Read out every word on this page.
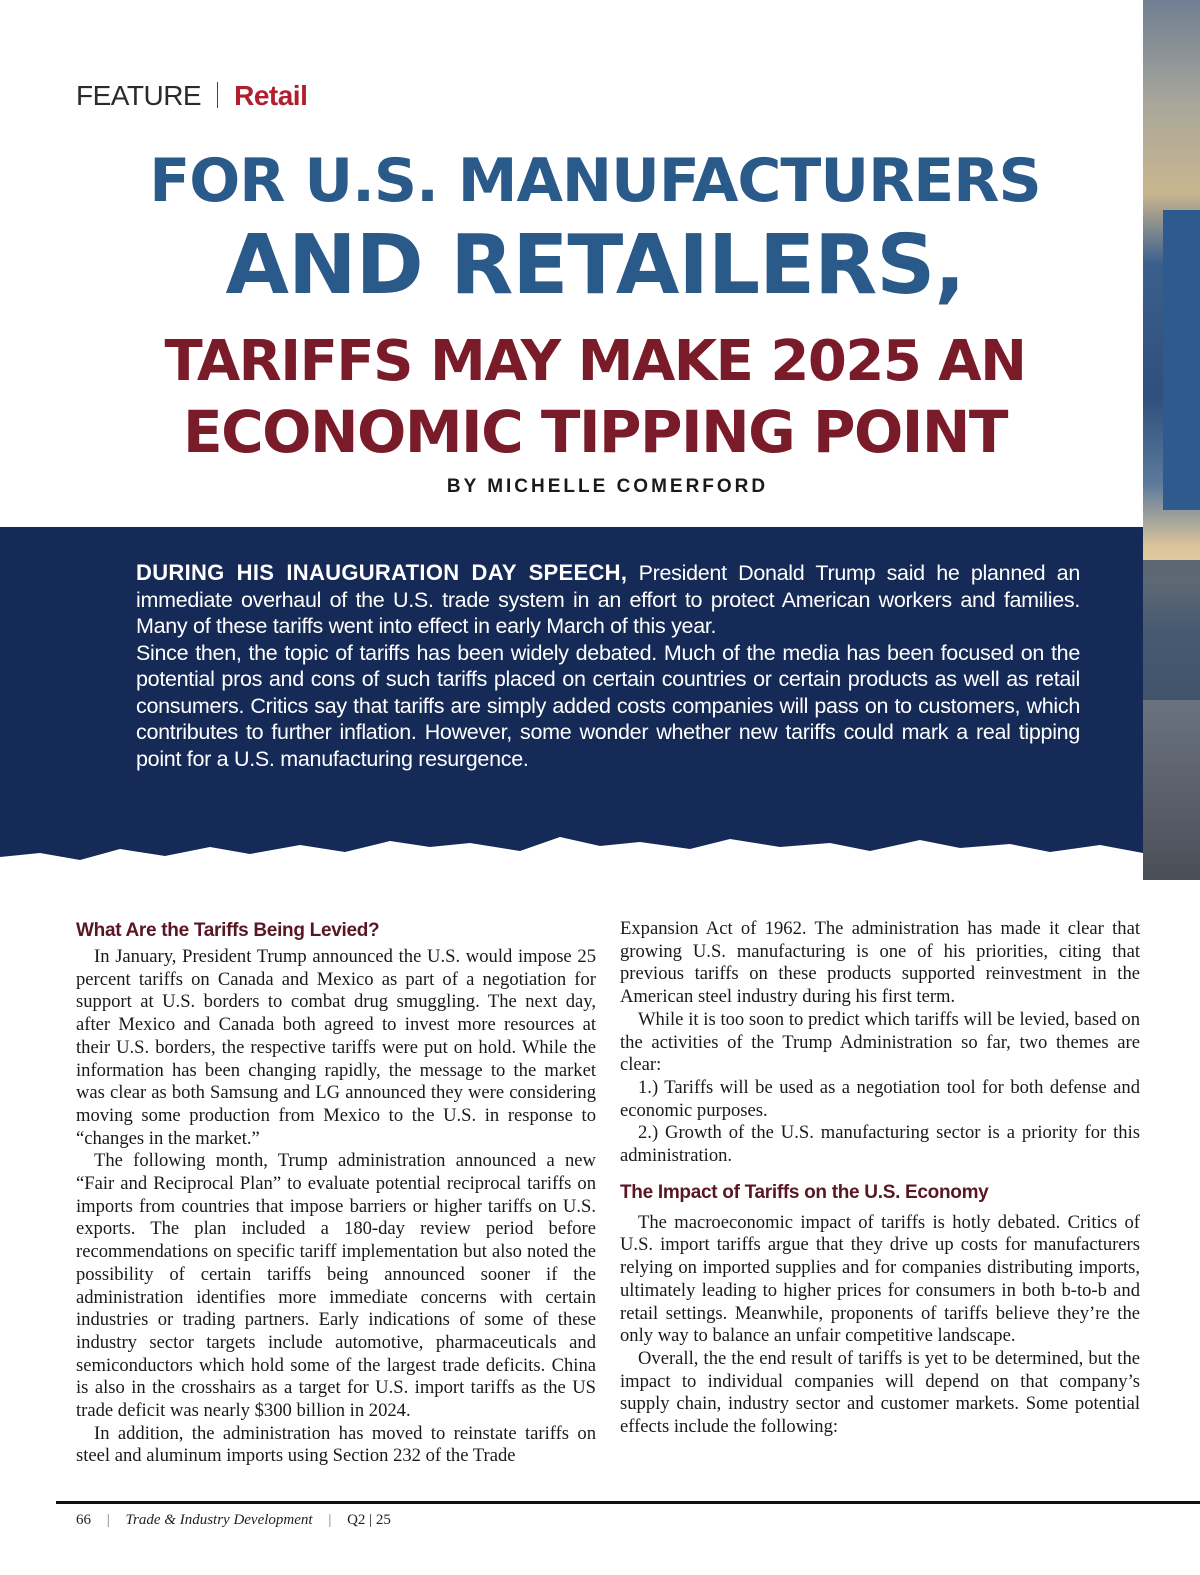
FEATURE Retail
FOR U.S. MANUFACTURERS
AND RETAILERS,
TARIFFS MAY MAKE 2025 AN
ECONOMIC TIPPING POINT
BY MICHELLE COMERFORD

DURING HIS INAUGURATION DAY SPEECH, President Donald Trump said he planned an immediate overhaul of the U.S. trade system in an effort to protect American workers and families. Many of these tariffs went into effect in early March of this year.

Since then, the topic of tariffs has been widely debated. Much of the media has been focused on the potential pros and cons of such tariffs placed on certain countries or certain products as well as retail consumers. Critics say that tariffs are simply added costs companies will pass on to customers, which contributes to further inflation. However, some wonder whether new tariffs could mark a real tipping point for a U.S. manufacturing resurgence.

What Are the Tariffs Being Levied?

In January, President Trump announced the U.S. would impose 25 percent tariffs on Canada and Mexico as part of a negotiation for support at U.S. borders to combat drug smuggling. The next day, after Mexico and Canada both agreed to invest more resources at their U.S. borders, the respective tariffs were put on hold. While the information has been changing rapidly, the message to the market was clear as both Samsung and LG announced they were considering moving some production from Mexico to the U.S. in response to “changes in the market.”

The following month, Trump administration announced a new “Fair and Reciprocal Plan” to evaluate potential reciprocal tariffs on imports from countries that impose barriers or higher tariffs on U.S. exports. The plan included a 180-day review period before recommendations on specific tariff implementation but also noted the possibility of certain tariffs being announced sooner if the administration identifies more immediate concerns with certain industries or trading partners. Early indications of some of these industry sector targets include automotive, pharmaceuticals and semiconductors which hold some of the largest trade deficits. China is also in the crosshairs as a target for U.S. import tariffs as the US trade deficit was nearly $300 billion in 2024.

In addition, the administration has moved to reinstate tariffs on steel and aluminum imports using Section 232 of the Trade

Expansion Act of 1962. The administration has made it clear that growing U.S. manufacturing is one of his priorities, citing that previous tariffs on these products supported reinvestment in the American steel industry during his first term.

While it is too soon to predict which tariffs will be levied, based on the activities of the Trump Administration so far, two themes are clear:

1.) Tariffs will be used as a negotiation tool for both defense and economic purposes.

2.) Growth of the U.S. manufacturing sector is a priority for this administration.

The Impact of Tariffs on the U.S. Economy

The macroeconomic impact of tariffs is hotly debated. Critics of U.S. import tariffs argue that they drive up costs for manufacturers relying on imported supplies and for companies distributing imports, ultimately leading to higher prices for consumers in both b-to-b and retail settings. Meanwhile, proponents of tariffs believe they’re the only way to balance an unfair competitive landscape.

Overall, the the end result of tariffs is yet to be determined, but the impact to individual companies will depend on that company’s supply chain, industry sector and customer markets. Some potential effects include the following:

66 | Trade & Industry Development | Q2 | 25
